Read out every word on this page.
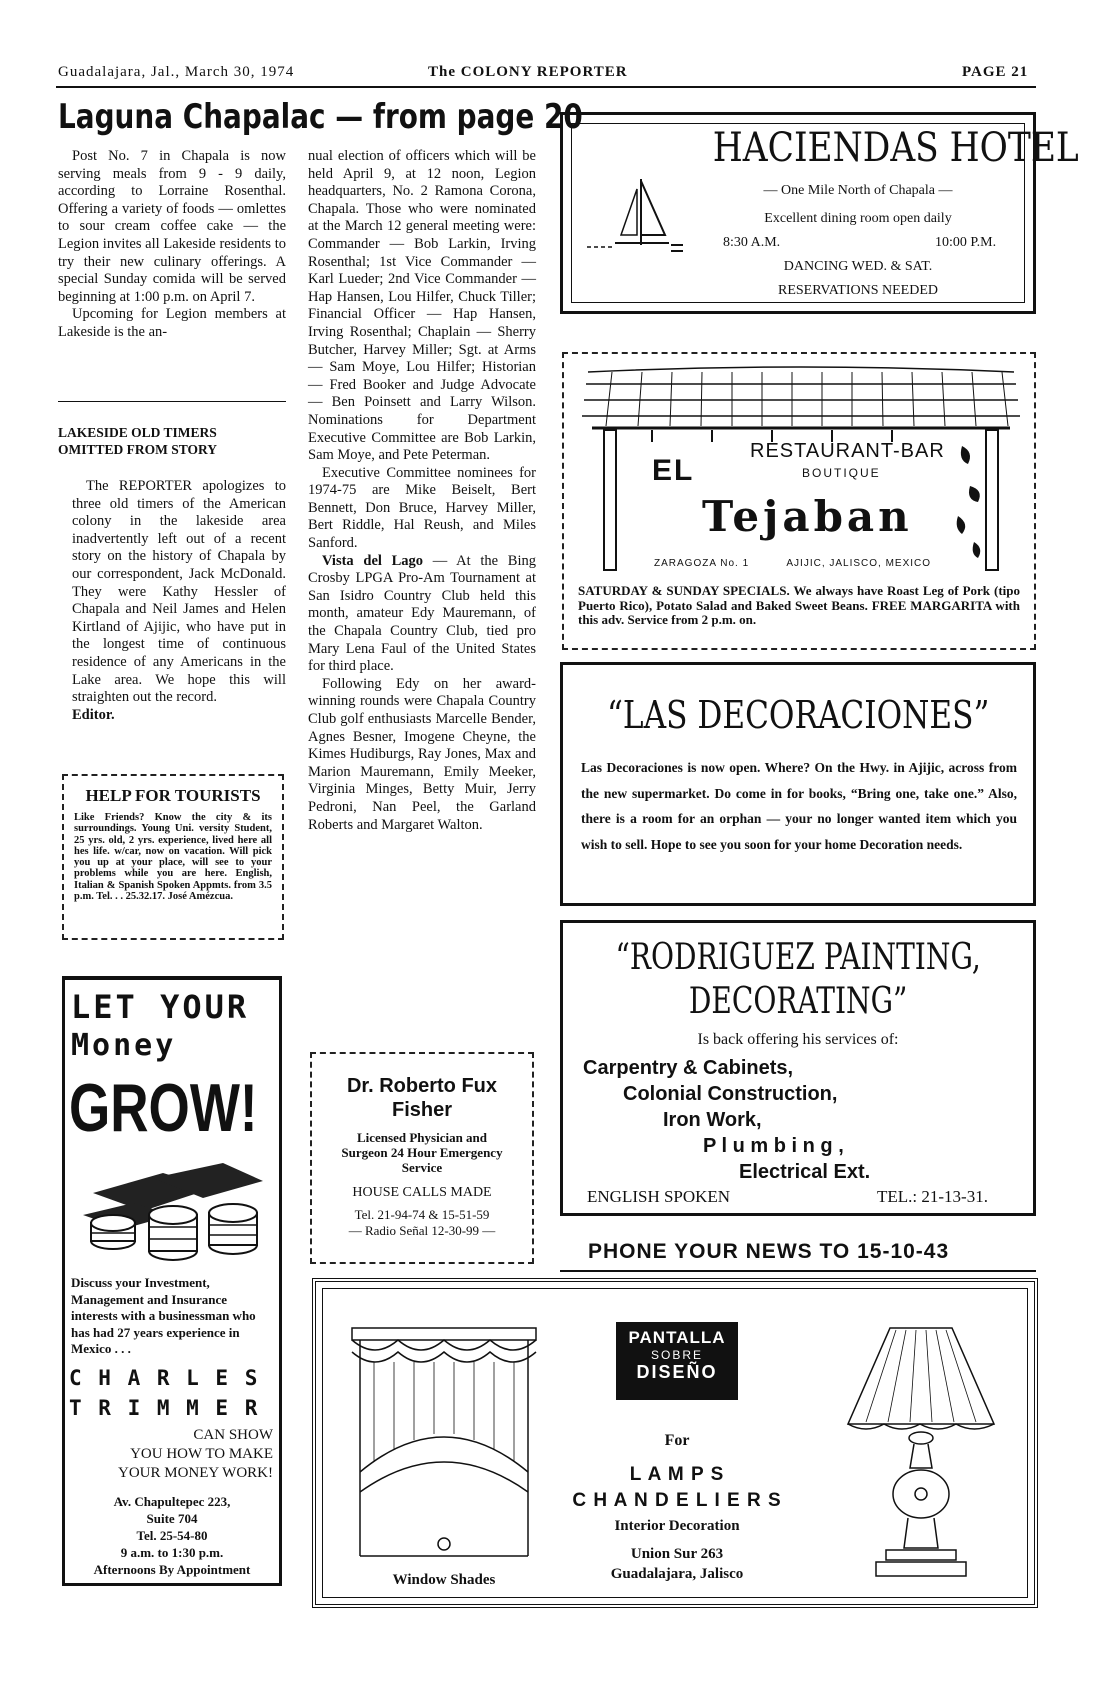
Guadalajara, Jal., March 30, 1974	The COLONY REPORTER	PAGE 21
Laguna Chapalac — from page 20

Post No. 7 in Chapala is now serving meals from 9 - 9 daily, according to Lorraine Rosenthal. Offering a variety of foods — omlettes to sour cream coffee cake — the Legion invites all Lakeside residents to try their new culinary offerings. A special Sunday comida will be served beginning at 1:00 p.m. on April 7.

Upcoming for Legion members at Lakeside is the an-

LAKESIDE OLD TIMERS
OMITTED FROM STORY

The REPORTER apologizes to three old timers of the American colony in the lakeside area inadvertently left out of a recent story on the history of Chapala by our correspondent, Jack McDonald. They were Kathy Hessler of Chapala and Neil James and Helen Kirtland of Ajijic, who have put in the longest time of continuous residence of any Americans in the Lake area. We hope this will straighten out the record.

Editor.
HELP FOR TOURISTS
Like Friends? Know the city & its surroundings. Young Uni. versity Student, 25 yrs. old, 2 yrs. experience, lived here all hes life. w/car, now on vacation. Will pick you up at your place, will see to your problems while you are here. English, Italian & Spanish Spoken Appmts. from 3.5 p.m. Tel. . . 25.32.17. José Amézcua.
LET YOUR
Money
GROW!
Discuss your Investment, Management and Insurance interests with a businessman who has had 27 years experience in Mexico . . .
C H A R L E S
T R I M M E R
CAN SHOW
YOU HOW TO MAKE
YOUR MONEY WORK!
Av. Chapultepec 223,
Suite 704
Tel. 25-54-80
9 a.m. to 1:30 p.m.
Afternoons By Appointment

nual election of officers which will be held April 9, at 12 noon, Legion headquarters, No. 2 Ramona Corona, Chapala. Those who were nominated at the March 12 general meeting were: Commander — Bob Larkin, Irving Rosenthal; 1st Vice Commander — Karl Lueder; 2nd Vice Commander — Hap Hansen, Lou Hilfer, Chuck Tiller; Financial Officer — Hap Hansen, Irving Rosenthal; Chaplain — Sherry Butcher, Harvey Miller; Sgt. at Arms — Sam Moye, Lou Hilfer; Historian — Fred Booker and Judge Advocate — Ben Poinsett and Larry Wilson. Nominations for Department Executive Committee are Bob Larkin, Sam Moye, and Pete Peterman.

Executive Committee nominees for 1974-75 are Mike Beiselt, Bert Bennett, Don Bruce, Harvey Miller, Bert Riddle, Hal Reush, and Miles Sanford.

Vista del Lago — At the Bing Crosby LPGA Pro-Am Tournament at San Isidro Country Club held this month, amateur Edy Mauremann, of the Chapala Country Club, tied pro Mary Lena Faul of the United States for third place.

Following Edy on her award-winning rounds were Chapala Country Club golf enthusiasts Marcelle Bender, Agnes Besner, Imogene Cheyne, the Kimes Hudiburgs, Ray Jones, Max and Marion Mauremann, Emily Meeker, Virginia Minges, Betty Muir, Jerry Pedroni, Nan Peel, the Garland Roberts and Margaret Walton.

Dr. Roberto Fux
Fisher
Licensed Physician and Surgeon 24 Hour Emergency Service
HOUSE CALLS MADE
Tel. 21-94-74 & 15-51-59
— Radio Señal 12-30-99 —
HACIENDAS HOTEL
— One Mile North of Chapala —
Excellent dining room open daily
8:30 A.M.	10:00 P.M.
DANCING WED. & SAT.
RESERVATIONS NEEDED
RESTAURANT-BAR
BOUTIQUE
EL
Tejaban
ZARAGOZA No. 1          AJIJIC, JALISCO, MEXICO
SATURDAY & SUNDAY SPECIALS. We always have Roast Leg of Pork (tipo Puerto Rico), Potato Salad and Baked Sweet Beans. FREE MARGARITA with this adv. Service from 2 p.m. on.
“LAS DECORACIONES”
Las Decoraciones is now open. Where? On the Hwy. in Ajijic, across from the new supermarket. Do come in for books, “Bring one, take one.” Also, there is a room for an orphan — your no longer wanted item which you wish to sell. Hope to see you soon for your home Decoration needs.
“RODRIGUEZ PAINTING,
DECORATING”
Is back offering his services of:
Carpentry & Cabinets,
Colonial Construction,
Iron Work,
P l u m b i n g ,
Electrical Ext.
ENGLISH SPOKEN	TEL.: 21-13-31.
PHONE YOUR NEWS TO 15-10-43
Window Shades
PANTALLA
SOBRE
DISEÑO
For
L A M P S
C H A N D E L I E R S
Interior Decoration
Union Sur 263
Guadalajara, Jalisco
